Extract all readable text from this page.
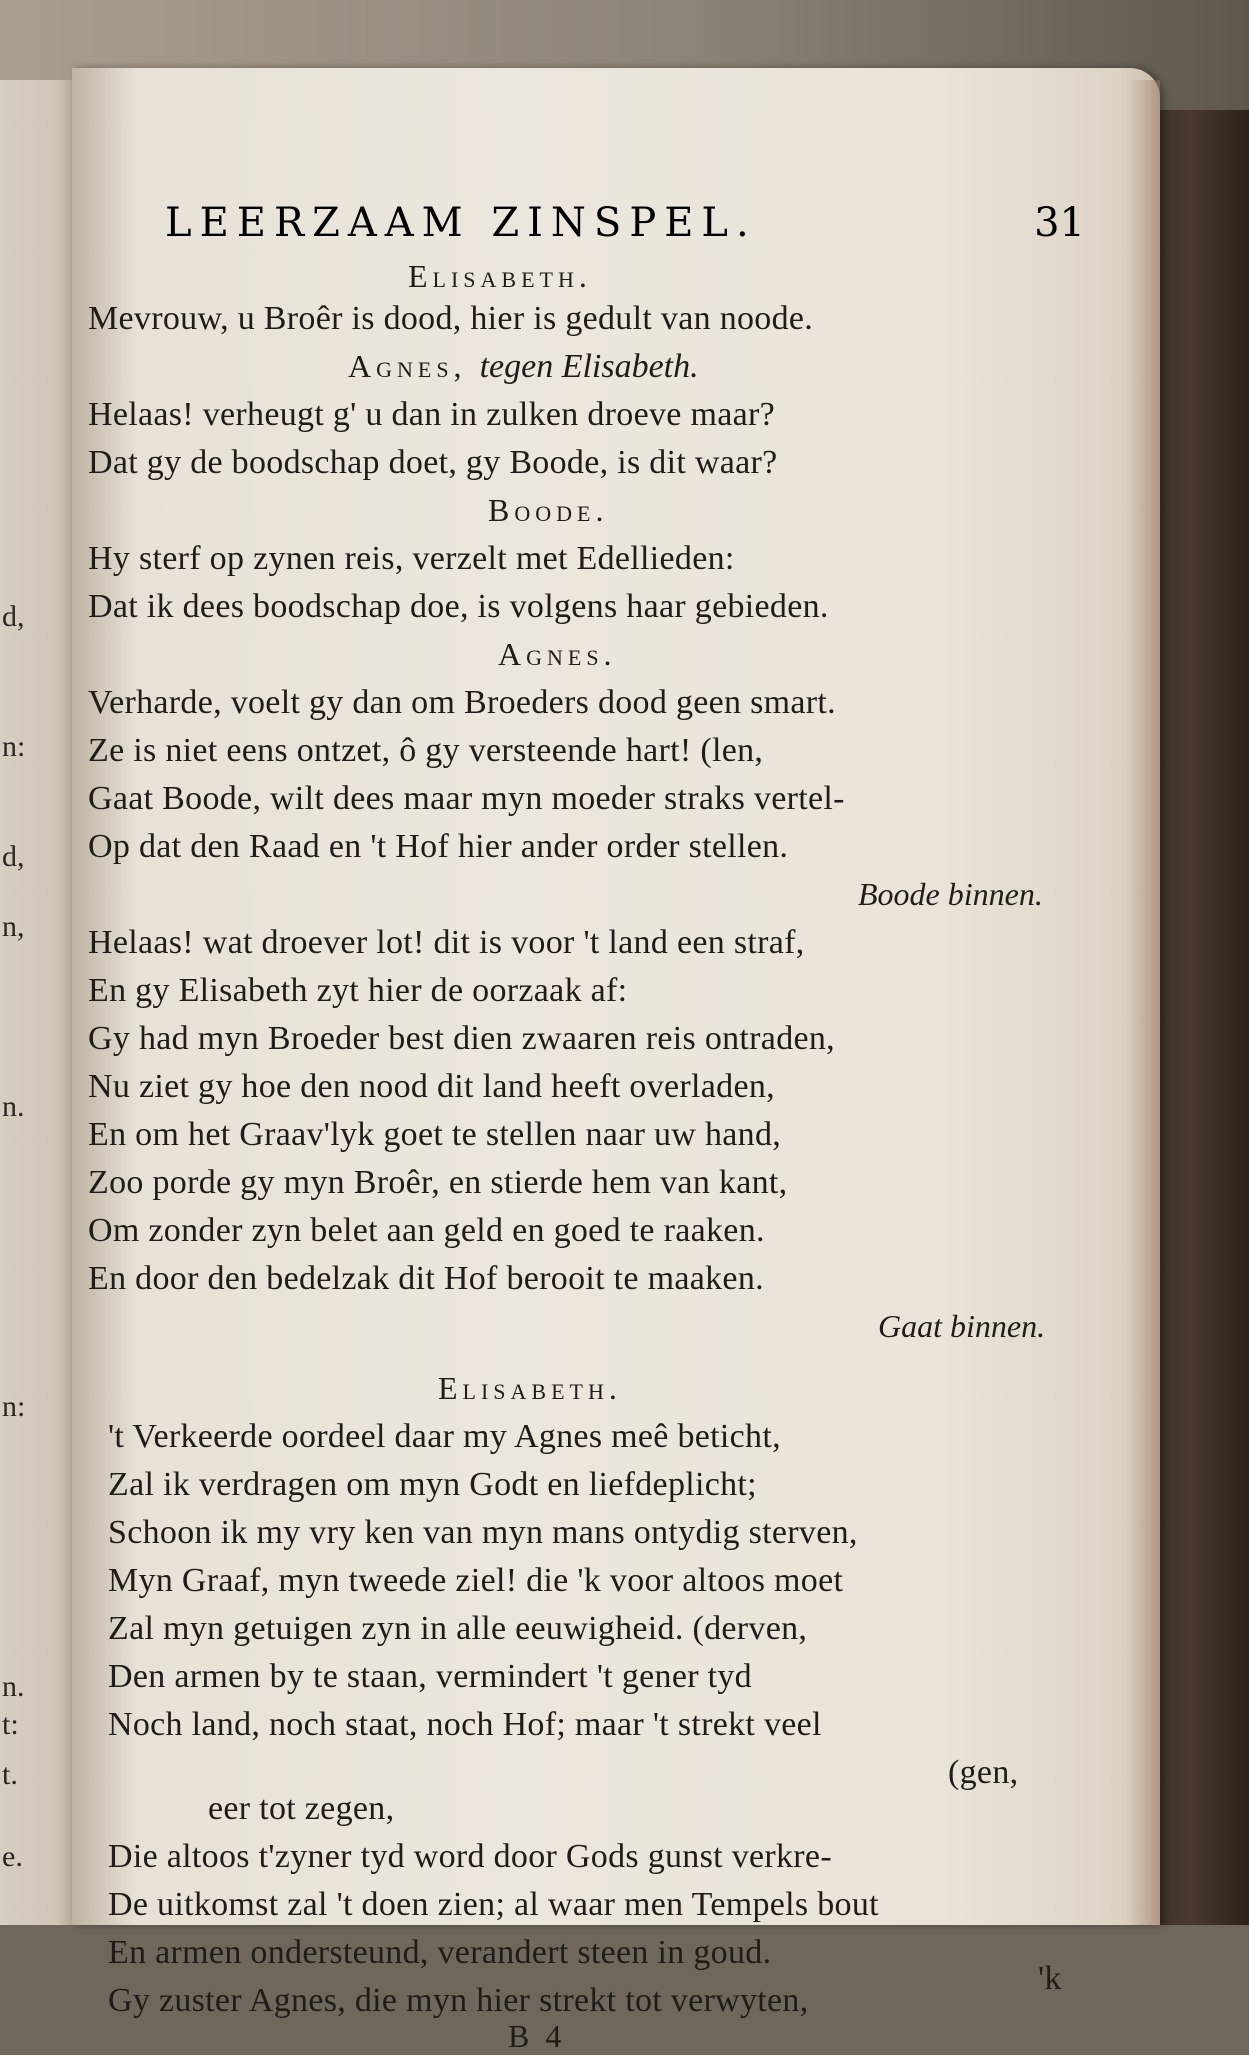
d,
n:
d,
n,
n.
n:
n.
t:
t.
e.
LEERZAAM ZINSPEL.	31
Elisabeth.
Mevrouw, u Broêr is dood, hier is gedult van noode.
Agnes, tegen Elisabeth.
Helaas! verheugt g' u dan in zulken droeve maar?
Dat gy de boodschap doet, gy Boode, is dit waar?
Boode.
Hy sterf op zynen reis, verzelt met Edellieden:
Dat ik dees boodschap doe, is volgens haar gebieden.
Agnes.
Verharde, voelt gy dan om Broeders dood geen smart.
Ze is niet eens ontzet, ô gy versteende hart! (len,
Gaat Boode, wilt dees maar myn moeder straks vertel-
Op dat den Raad en 't Hof hier ander order stellen.
Boode binnen.
Helaas! wat droever lot! dit is voor 't land een straf,
En gy Elisabeth zyt hier de oorzaak af:
Gy had myn Broeder best dien zwaaren reis ontraden,
Nu ziet gy hoe den nood dit land heeft overladen,
En om het Graav'lyk goet te stellen naar uw hand,
Zoo porde gy myn Broêr, en stierde hem van kant,
Om zonder zyn belet aan geld en goed te raaken.
En door den bedelzak dit Hof berooit te maaken.
Gaat binnen.
Elisabeth.
't Verkeerde oordeel daar my Agnes meê beticht,
Zal ik verdragen om myn Godt en liefdeplicht;
Schoon ik my vry ken van myn mans ontydig sterven,
Myn Graaf, myn tweede ziel! die 'k voor altoos moet
Zal myn getuigen zyn in alle eeuwigheid. (derven,
Den armen by te staan, vermindert 't gener tyd
Noch land, noch staat, noch Hof; maar 't strekt veel
(gen,
eer tot zegen,
Die altoos t'zyner tyd word door Gods gunst verkre-
De uitkomst zal 't doen zien; al waar men Tempels bout
En armen ondersteund, verandert steen in goud.
Gy zuster Agnes, die myn hier strekt tot verwyten,
'k
B 4
